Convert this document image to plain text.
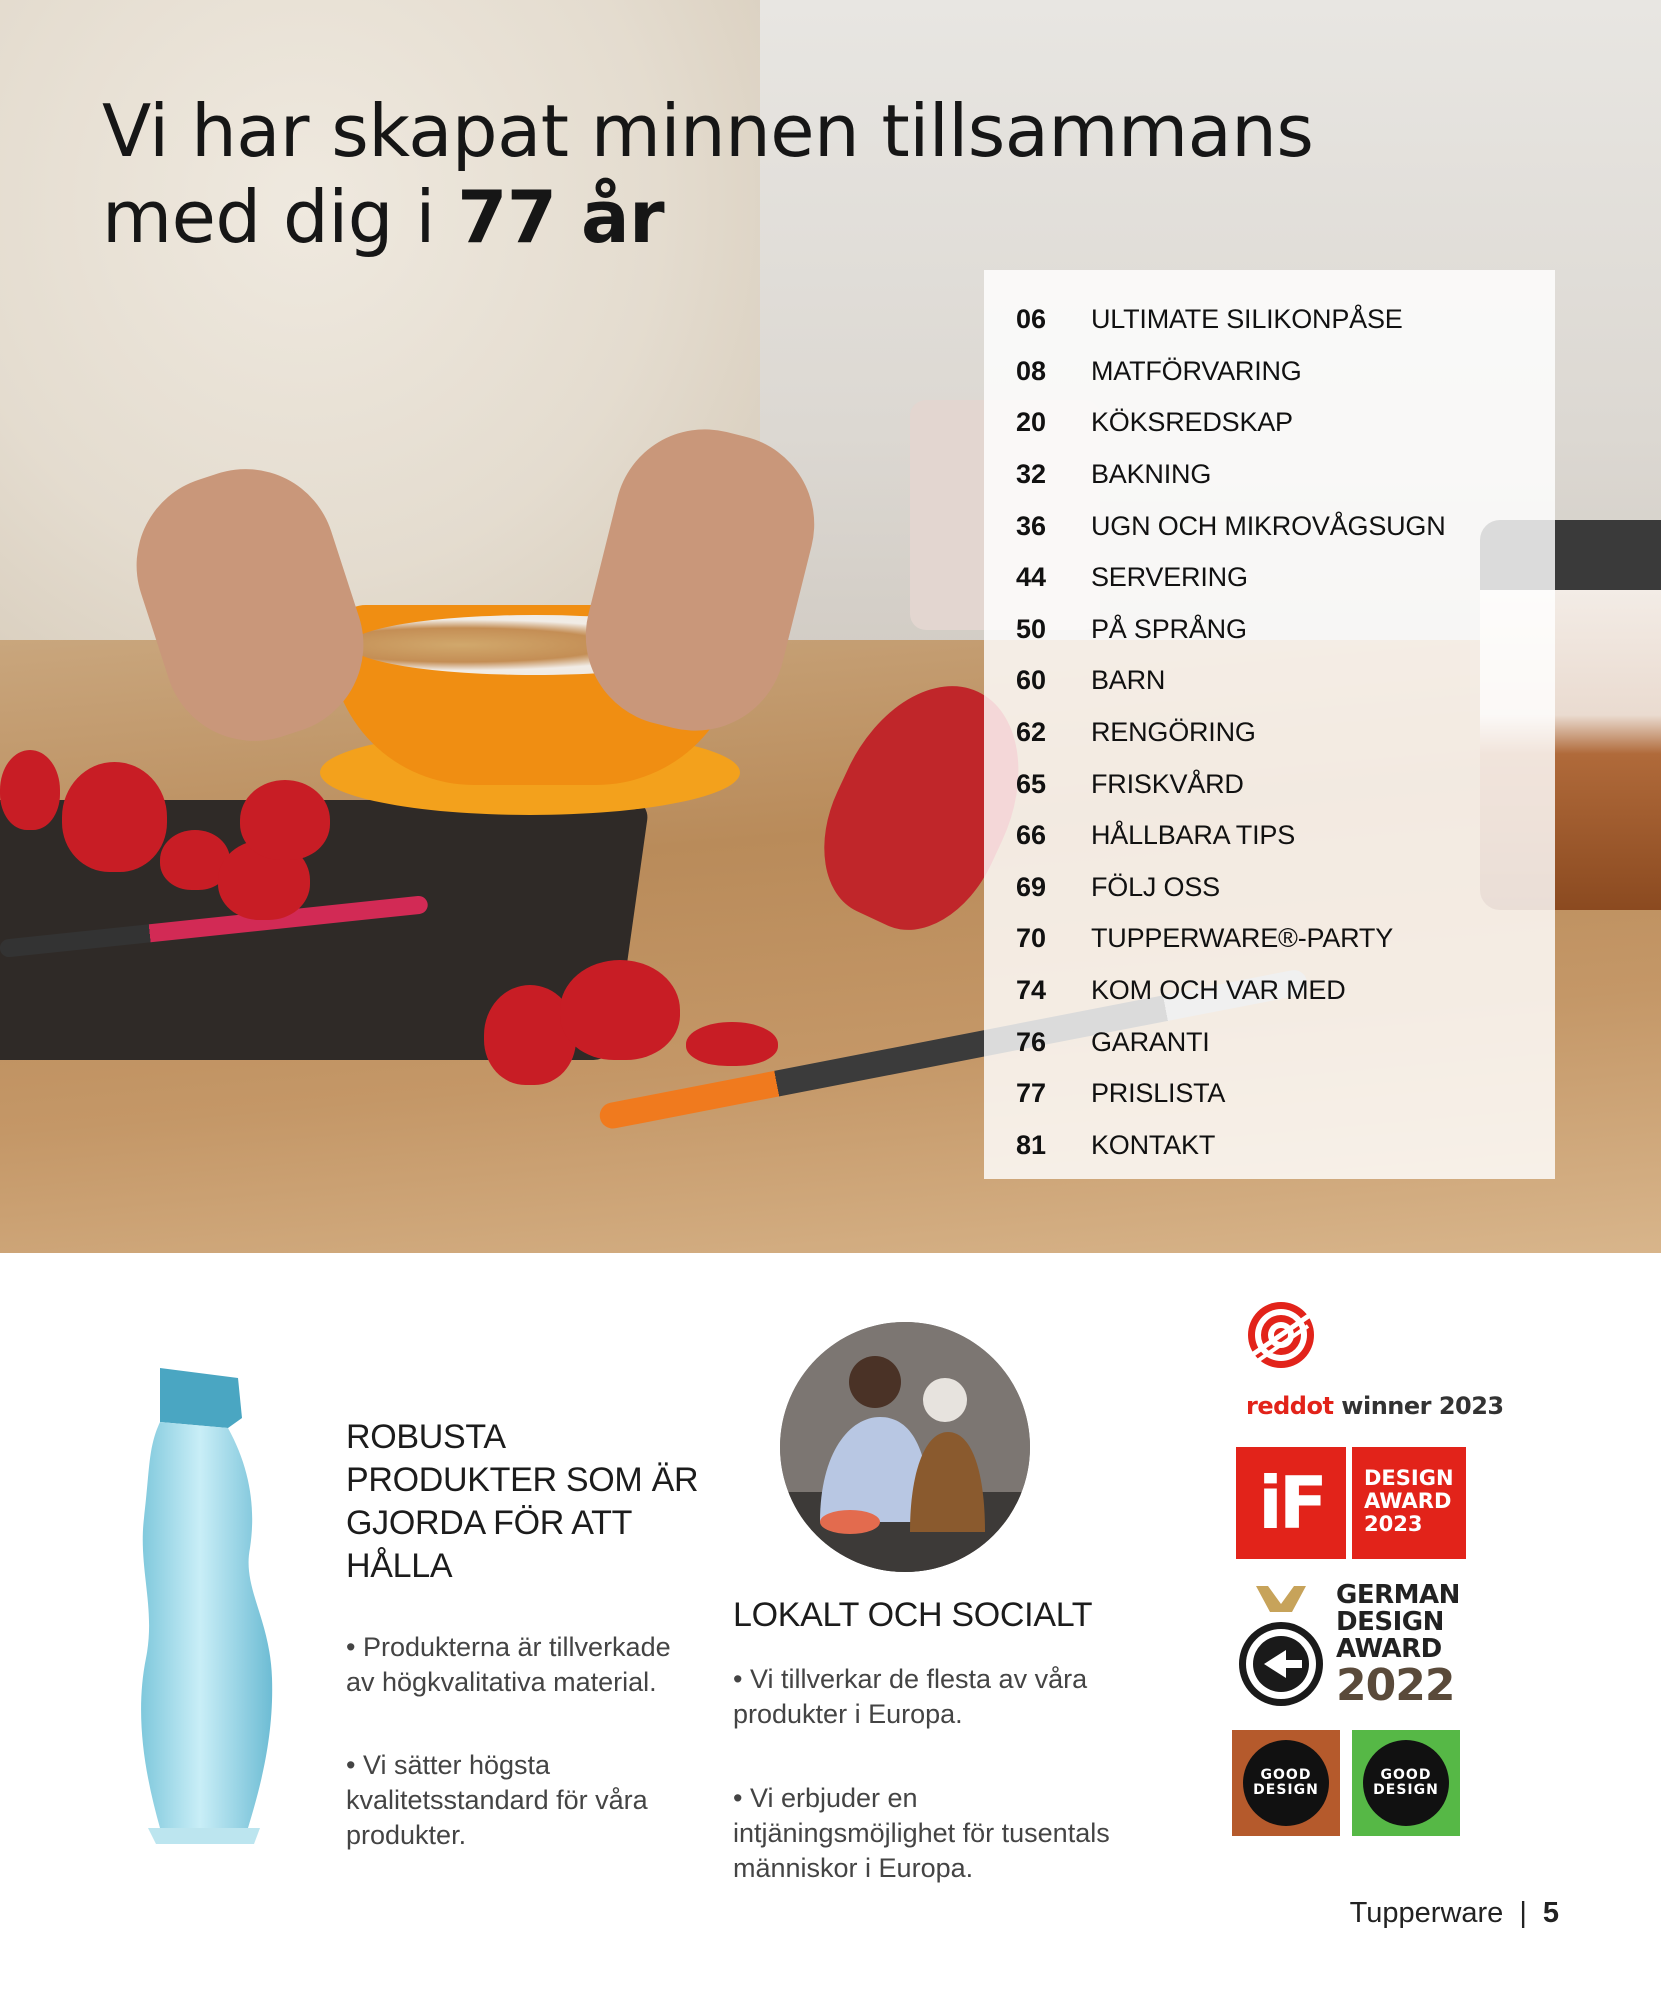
Vi har skapat minnen tillsammans
med dig i 77 år
06	ULTIMATE SILIKONPÅSE
08	MATFÖRVARING
20	KÖKSREDSKAP
32	BAKNING
36	UGN OCH MIKROVÅGSUGN
44	SERVERING
50	PÅ SPRÅNG
60	BARN
62	RENGÖRING
65	FRISKVÅRD
66	HÅLLBARA TIPS
69	FÖLJ OSS
70	TUPPERWARE®-PARTY
74	KOM OCH VAR MED
76	GARANTI
77	PRISLISTA
81	KONTAKT
ROBUSTA PRODUKTER SOM ÄR GJORDA FÖR ATT HÅLLA

• Produkterna är tillverkade av högkvalitativa material.

• Vi sätter högsta kvalitetsstandard för våra produkter.

LOKALT OCH SOCIALT

• Vi tillverkar de flesta av våra produkter i Europa.

• Vi erbjuder en intjäningsmöjlighet för tusentals människor i Europa.

reddot winner 2023
iF	DESIGN
AWARD
2023
GERMAN
DESIGN
AWARD
2022
GOOD
DESIGN
GOOD
DESIGN
Tupperware | 5
